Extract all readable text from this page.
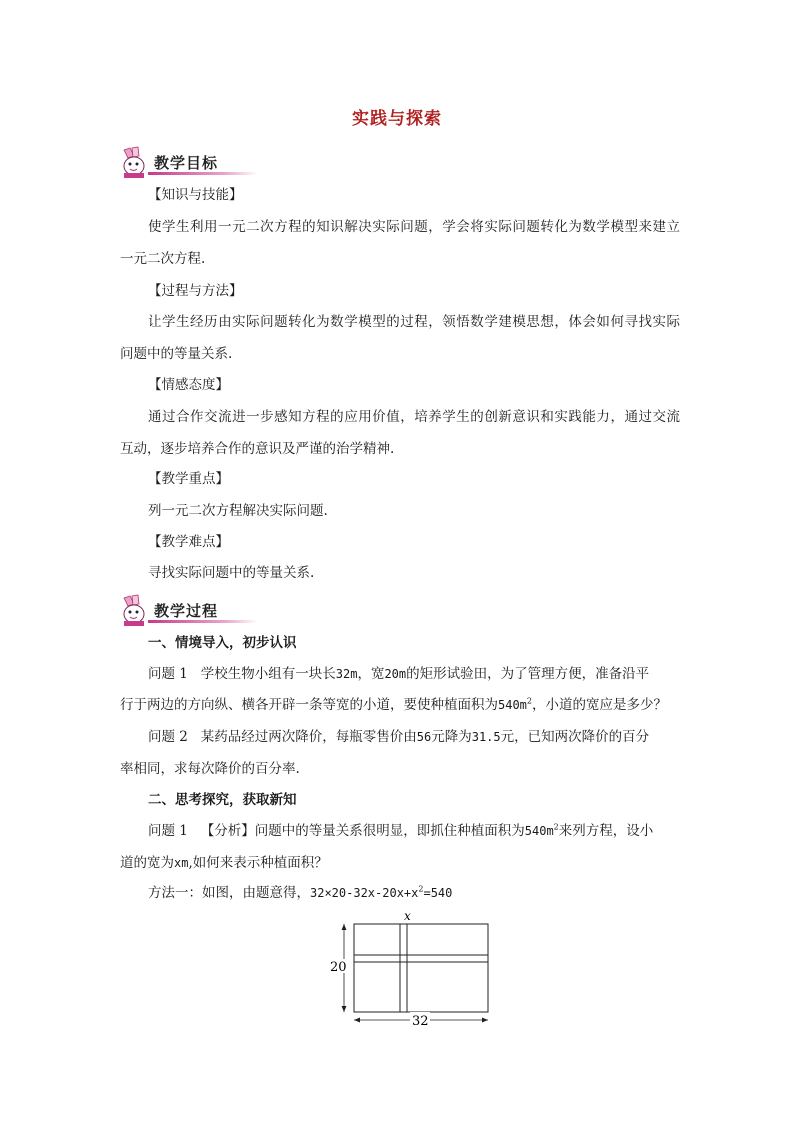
实践与探索
教学目标
【知识与技能】
使学生利用一元二次方程的知识解决实际问题，学会将实际问题转化为数学模型来建立
一元二次方程.
【过程与方法】
让学生经历由实际问题转化为数学模型的过程，领悟数学建模思想，体会如何寻找实际
问题中的等量关系.
【情感态度】
通过合作交流进一步感知方程的应用价值，培养学生的创新意识和实践能力，通过交流
互动，逐步培养合作的意识及严谨的治学精神.
【教学重点】
列一元二次方程解决实际问题.
【教学难点】
寻找实际问题中的等量关系.
教学过程
一、情境导入，初步认识
问题 1 学校生物小组有一块长32m，宽20m的矩形试验田，为了管理方便，准备沿平
行于两边的方向纵、横各开辟一条等宽的小道，要使种植面积为$540m^2$，小道的宽应是多少？
问题 2 某药品经过两次降价，每瓶零售价由56元降为31.5元，已知两次降价的百分
率相同，求每次降价的百分率.
二、思考探究，获取新知
问题 1 【分析】问题中的等量关系很明显，即抓住种植面积为$540m^2$来列方程，设小
道的宽为xm,如何来表示种植面积？
方法一：如图，由题意得，$32\times 20-32x-20x+x^2=540$
x
20
32
